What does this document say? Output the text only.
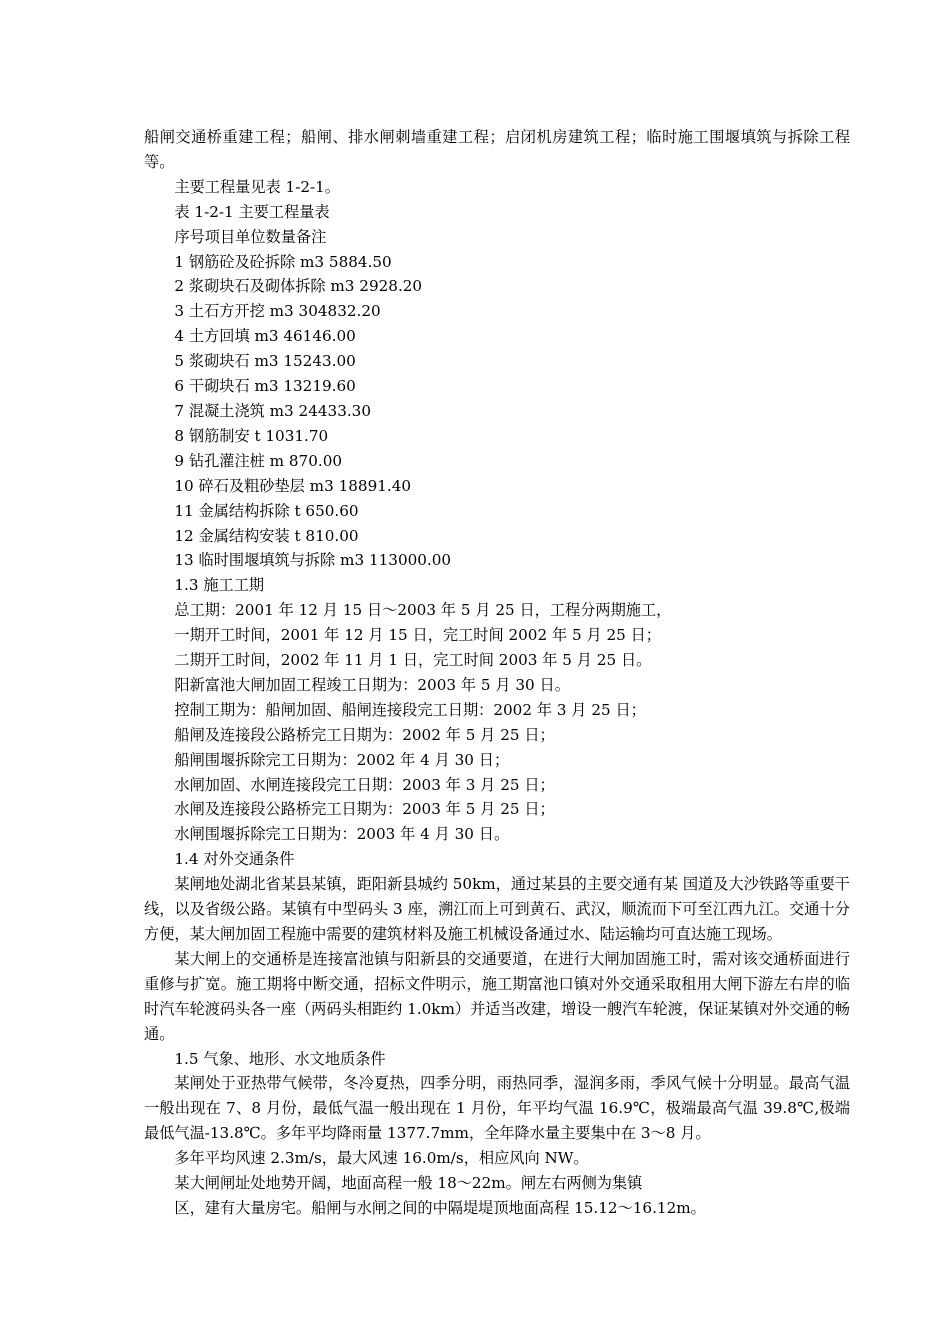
船闸交通桥重建工程；船闸、排水闸刺墙重建工程；启闭机房建筑工程；临时施工围堰填筑与拆除工程等。

主要工程量见表 1-2-1。

表 1-2-1 主要工程量表

序号项目单位数量备注

1 钢筋砼及砼拆除 m3 5884.50

2 浆砌块石及砌体拆除 m3 2928.20

3 土石方开挖 m3 304832.20

4 土方回填 m3 46146.00

5 浆砌块石 m3 15243.00

6 干砌块石 m3 13219.60

7 混凝土浇筑 m3 24433.30

8 钢筋制安 t 1031.70

9 钻孔灌注桩 m 870.00

10 碎石及粗砂垫层 m3 18891.40

11 金属结构拆除 t 650.60

12 金属结构安装 t 810.00

13 临时围堰填筑与拆除 m3 113000.00

1.3 施工工期

总工期：2001 年 12 月 15 日～2003 年 5 月 25 日，工程分两期施工，

一期开工时间，2001 年 12 月 15 日，完工时间 2002 年 5 月 25 日；

二期开工时间，2002 年 11 月 1 日，完工时间 2003 年 5 月 25 日。

阳新富池大闸加固工程竣工日期为：2003 年 5 月 30 日。

控制工期为：船闸加固、船闸连接段完工日期：2002 年 3 月 25 日；

船闸及连接段公路桥完工日期为：2002 年 5 月 25 日；

船闸围堰拆除完工日期为：2002 年 4 月 30 日；

水闸加固、水闸连接段完工日期：2003 年 3 月 25 日；

水闸及连接段公路桥完工日期为：2003 年 5 月 25 日；

水闸围堰拆除完工日期为：2003 年 4 月 30 日。

1.4 对外交通条件

某闸地处湖北省某县某镇，距阳新县城约 50km，通过某县的主要交通有某 国道及大沙铁路等重要干线，以及省级公路。某镇有中型码头 3 座，溯江而上可到黄石、武汉，顺流而下可至江西九江。交通十分方便，某大闸加固工程施中需要的建筑材料及施工机械设备通过水、陆运输均可直达施工现场。

某大闸上的交通桥是连接富池镇与阳新县的交通要道，在进行大闸加固施工时，需对该交通桥面进行重修与扩宽。施工期将中断交通，招标文件明示，施工期富池口镇对外交通采取租用大闸下游左右岸的临时汽车轮渡码头各一座（两码头相距约 1.0km）并适当改建，增设一艘汽车轮渡，保证某镇对外交通的畅通。

1.5 气象、地形、水文地质条件

某闸处于亚热带气候带，冬冷夏热，四季分明，雨热同季，湿润多雨，季风气候十分明显。最高气温一般出现在 7、8 月份，最低气温一般出现在 1 月份，年平均气温 16.9℃，极端最高气温 39.8℃,极端最低气温-13.8℃。多年平均降雨量 1377.7mm，全年降水量主要集中在 3～8 月。

多年平均风速 2.3m/s，最大风速 16.0m/s，相应风向 NW。

某大闸闸址处地势开阔，地面高程一般 18～22m。闸左右两侧为集镇

区，建有大量房宅。船闸与水闸之间的中隔堤堤顶地面高程 15.12～16.12m。
